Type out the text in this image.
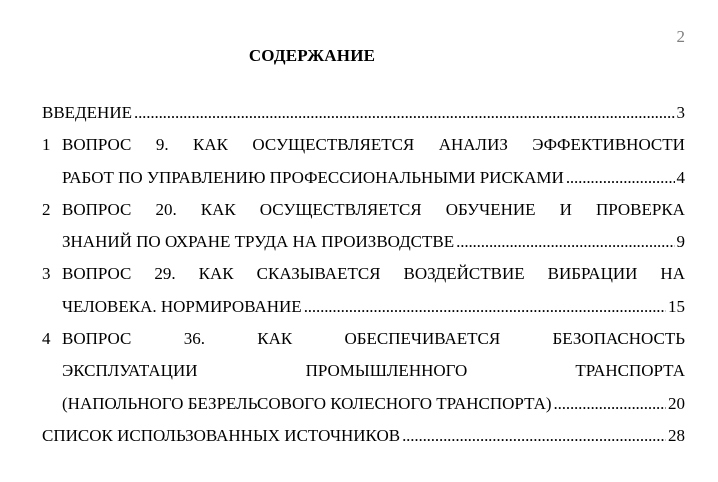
2
СОДЕРЖАНИЕ
ВВЕДЕНИЕ . . .	3
1 ВОПРОС 9. КАК ОСУЩЕСТВЛЯЕТСЯ АНАЛИЗ ЭФФЕКТИВНОСТИ
РАБОТ ПО УПРАВЛЕНИЮ ПРОФЕССИОНАЛЬНЫМИ РИСКАМИ . . .	4
2 ВОПРОС 20. КАК ОСУЩЕСТВЛЯЕТСЯ ОБУЧЕНИЕ И ПРОВЕРКА
ЗНАНИЙ ПО ОХРАНЕ ТРУДА НА ПРОИЗВОДСТВЕ . . .	9
3 ВОПРОС 29. КАК СКАЗЫВАЕТСЯ ВОЗДЕЙСТВИЕ ВИБРАЦИИ НА
ЧЕЛОВЕКА. НОРМИРОВАНИЕ . . .	15
4 ВОПРОС	36.	КАК	ОБЕСПЕЧИВАЕТСЯ	БЕЗОПАСНОСТЬ
ЭКСПЛУАТАЦИИ	ПРОМЫШЛЕННОГО	ТРАНСПОРТА
(НАПОЛЬНОГО БЕЗРЕЛЬСОВОГО КОЛЕСНОГО ТРАНСПОРТА) . . .	20
СПИСОК ИСПОЛЬЗОВАННЫХ ИСТОЧНИКОВ . . .	28
